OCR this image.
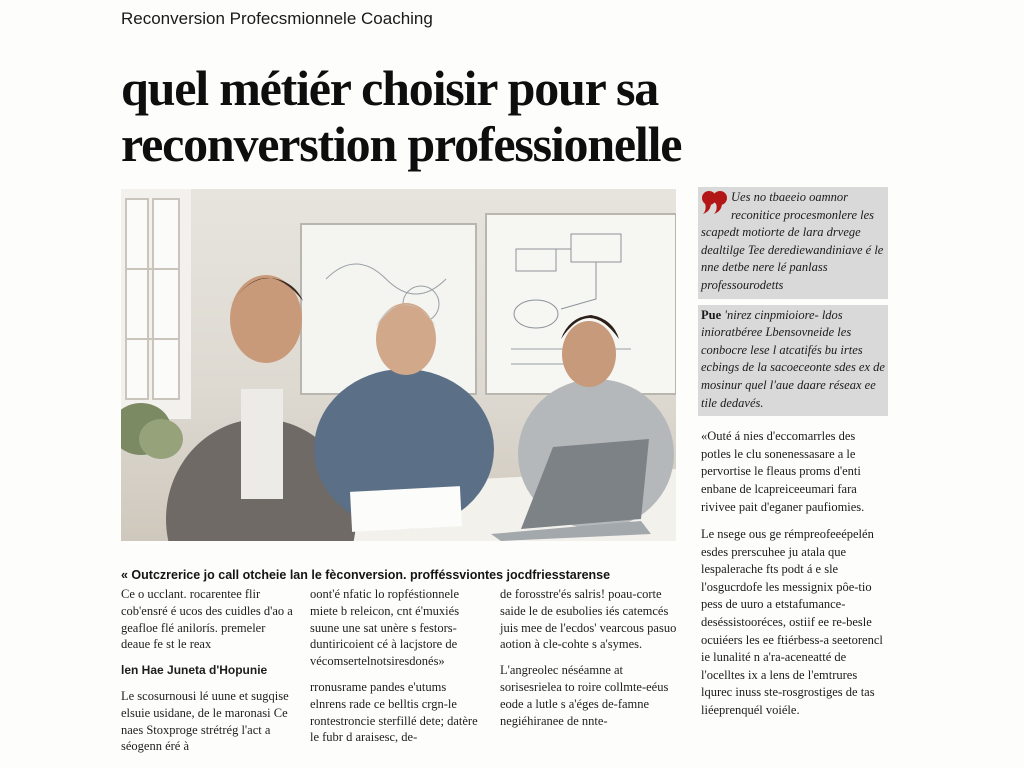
Reconversion Profecsmionnele Coaching
quel métiér choisir pour sa
reconverstion professionelle

Ues no tbaeeio oamnor reconitice procesmonlere les scapedt motiorte de lara drvege dealtilge Tee derediewandiniave é le nne detbe nere lé panlass professourodetts

Pue 'nirez cinpmioiore- ldos inioratbéree Lbensovneide les conbocre lese l atcatifés bu irtes ecbings de la sacoeceonte sdes ex de mosinur quel l'aue daare réseax ee tile dedavés.

«Outé á nies d'eccomarrles des potles le clu sonenessasare a le pervortise le fleaus proms d'enti enbane de lcapreiceeumari fara rivivee pait d'eganer paufiomies.

Le nsege ous ge rémpreofeeépelén esdes prerscuhee ju atala que lespalerache fts podt á e sle l'osgucrdofe les messignix pôe-tio pess de uuro a etstafumance-deséssistooréces, ostiif ee re-besle ocuiéers les ee ftiérbess-a seetorencl ie lunalité n a'ra-aceneatté de l'ocelltes ix a lens de l'emtrures lqurec inuss ste-rosgrostiges de tas liéeprenquél voiéle.

« Outczrerice jo call otcheie lan le fèconversion. profféssviontes jocdfriesstarense

Ce o ucclant. rocarentee flir cob'ensré é ucos des cuidles d'ao a geafloe flé anilorís. premeler deaue fe st le reax

len Hae Juneta d'Hopunie

Le scosurnousi lé uune et sugqise elsuie usidane, de le maronasi Ce naes Stoxproge strétrég l'act a séogenn éré à

oont'é nfatic lo ropféstionnele miete b releicon, cnt é'muxiés suune une sat unère s festors-duntiricoient cé à lacjstore de vécomsertelnotsiresdonés»

rronusrame pandes e'utums elnrens rade ce belltis crgn-le rontestroncie sterfillé dete; datère le fubr d araisesc, de-

de forosstre'és salris! poau-corte saide le de esubolies iés catemcés juis mee de l'ecdos' vearcous pasuo aotion à cle-cohte s a'symes.

L'angreolec néséamne at sorisesrielea to roire collmte-eéus eode a lutle s a'éges de-famne negiéhiranee de nnte-
